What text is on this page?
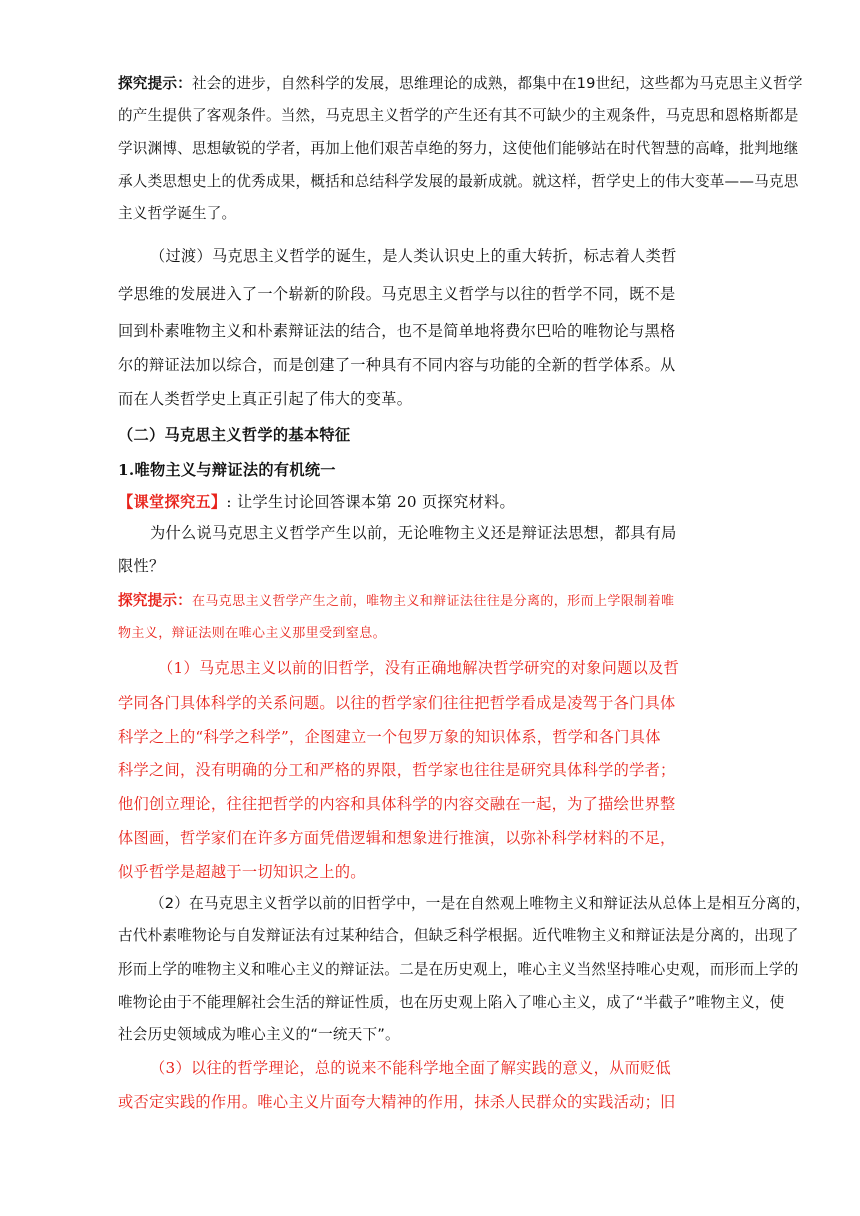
探究提示：社会的进步，自然科学的发展，思维理论的成熟，都集中在19世纪，这些都为马克思主义哲学
的产生提供了客观条件。当然，马克思主义哲学的产生还有其不可缺少的主观条件，马克思和恩格斯都是
学识渊博、思想敏锐的学者，再加上他们艰苦卓绝的努力，这使他们能够站在时代智慧的高峰，批判地继
承人类思想史上的优秀成果，概括和总结科学发展的最新成就。就这样，哲学史上的伟大变革——马克思
主义哲学诞生了。
（过渡）马克思主义哲学的诞生，是人类认识史上的重大转折，标志着人类哲
学思维的发展进入了一个崭新的阶段。马克思主义哲学与以往的哲学不同，既不是
回到朴素唯物主义和朴素辩证法的结合，也不是简单地将费尔巴哈的唯物论与黑格
尔的辩证法加以综合，而是创建了一种具有不同内容与功能的全新的哲学体系。从
而在人类哲学史上真正引起了伟大的变革。
（二）马克思主义哲学的基本特征
1.唯物主义与辩证法的有机统一
【课堂探究五】: 让学生讨论回答课本第 20 页探究材料。
为什么说马克思主义哲学产生以前，无论唯物主义还是辩证法思想，都具有局
限性？
探究提示：在马克思主义哲学产生之前，唯物主义和辩证法往往是分离的，形而上学限制着唯
物主义，辩证法则在唯心主义那里受到窒息。
（1）马克思主义以前的旧哲学，没有正确地解决哲学研究的对象问题以及哲
学同各门具体科学的关系问题。以往的哲学家们往往把哲学看成是凌驾于各门具体
科学之上的“科学之科学”，企图建立一个包罗万象的知识体系，哲学和各门具体
科学之间，没有明确的分工和严格的界限，哲学家也往往是研究具体科学的学者；
他们创立理论，往往把哲学的内容和具体科学的内容交融在一起，为了描绘世界整
体图画，哲学家们在许多方面凭借逻辑和想象进行推演，以弥补科学材料的不足，
似乎哲学是超越于一切知识之上的。
（2）在马克思主义哲学以前的旧哲学中，一是在自然观上唯物主义和辩证法从总体上是相互分离的，
古代朴素唯物论与自发辩证法有过某种结合，但缺乏科学根据。近代唯物主义和辩证法是分离的，出现了
形而上学的唯物主义和唯心主义的辩证法。二是在历史观上，唯心主义当然坚持唯心史观，而形而上学的
唯物论由于不能理解社会生活的辩证性质，也在历史观上陷入了唯心主义，成了“半截子”唯物主义，使
社会历史领域成为唯心主义的“一统天下”。
（3）以往的哲学理论，总的说来不能科学地全面了解实践的意义，从而贬低
或否定实践的作用。唯心主义片面夸大精神的作用，抹杀人民群众的实践活动；旧
